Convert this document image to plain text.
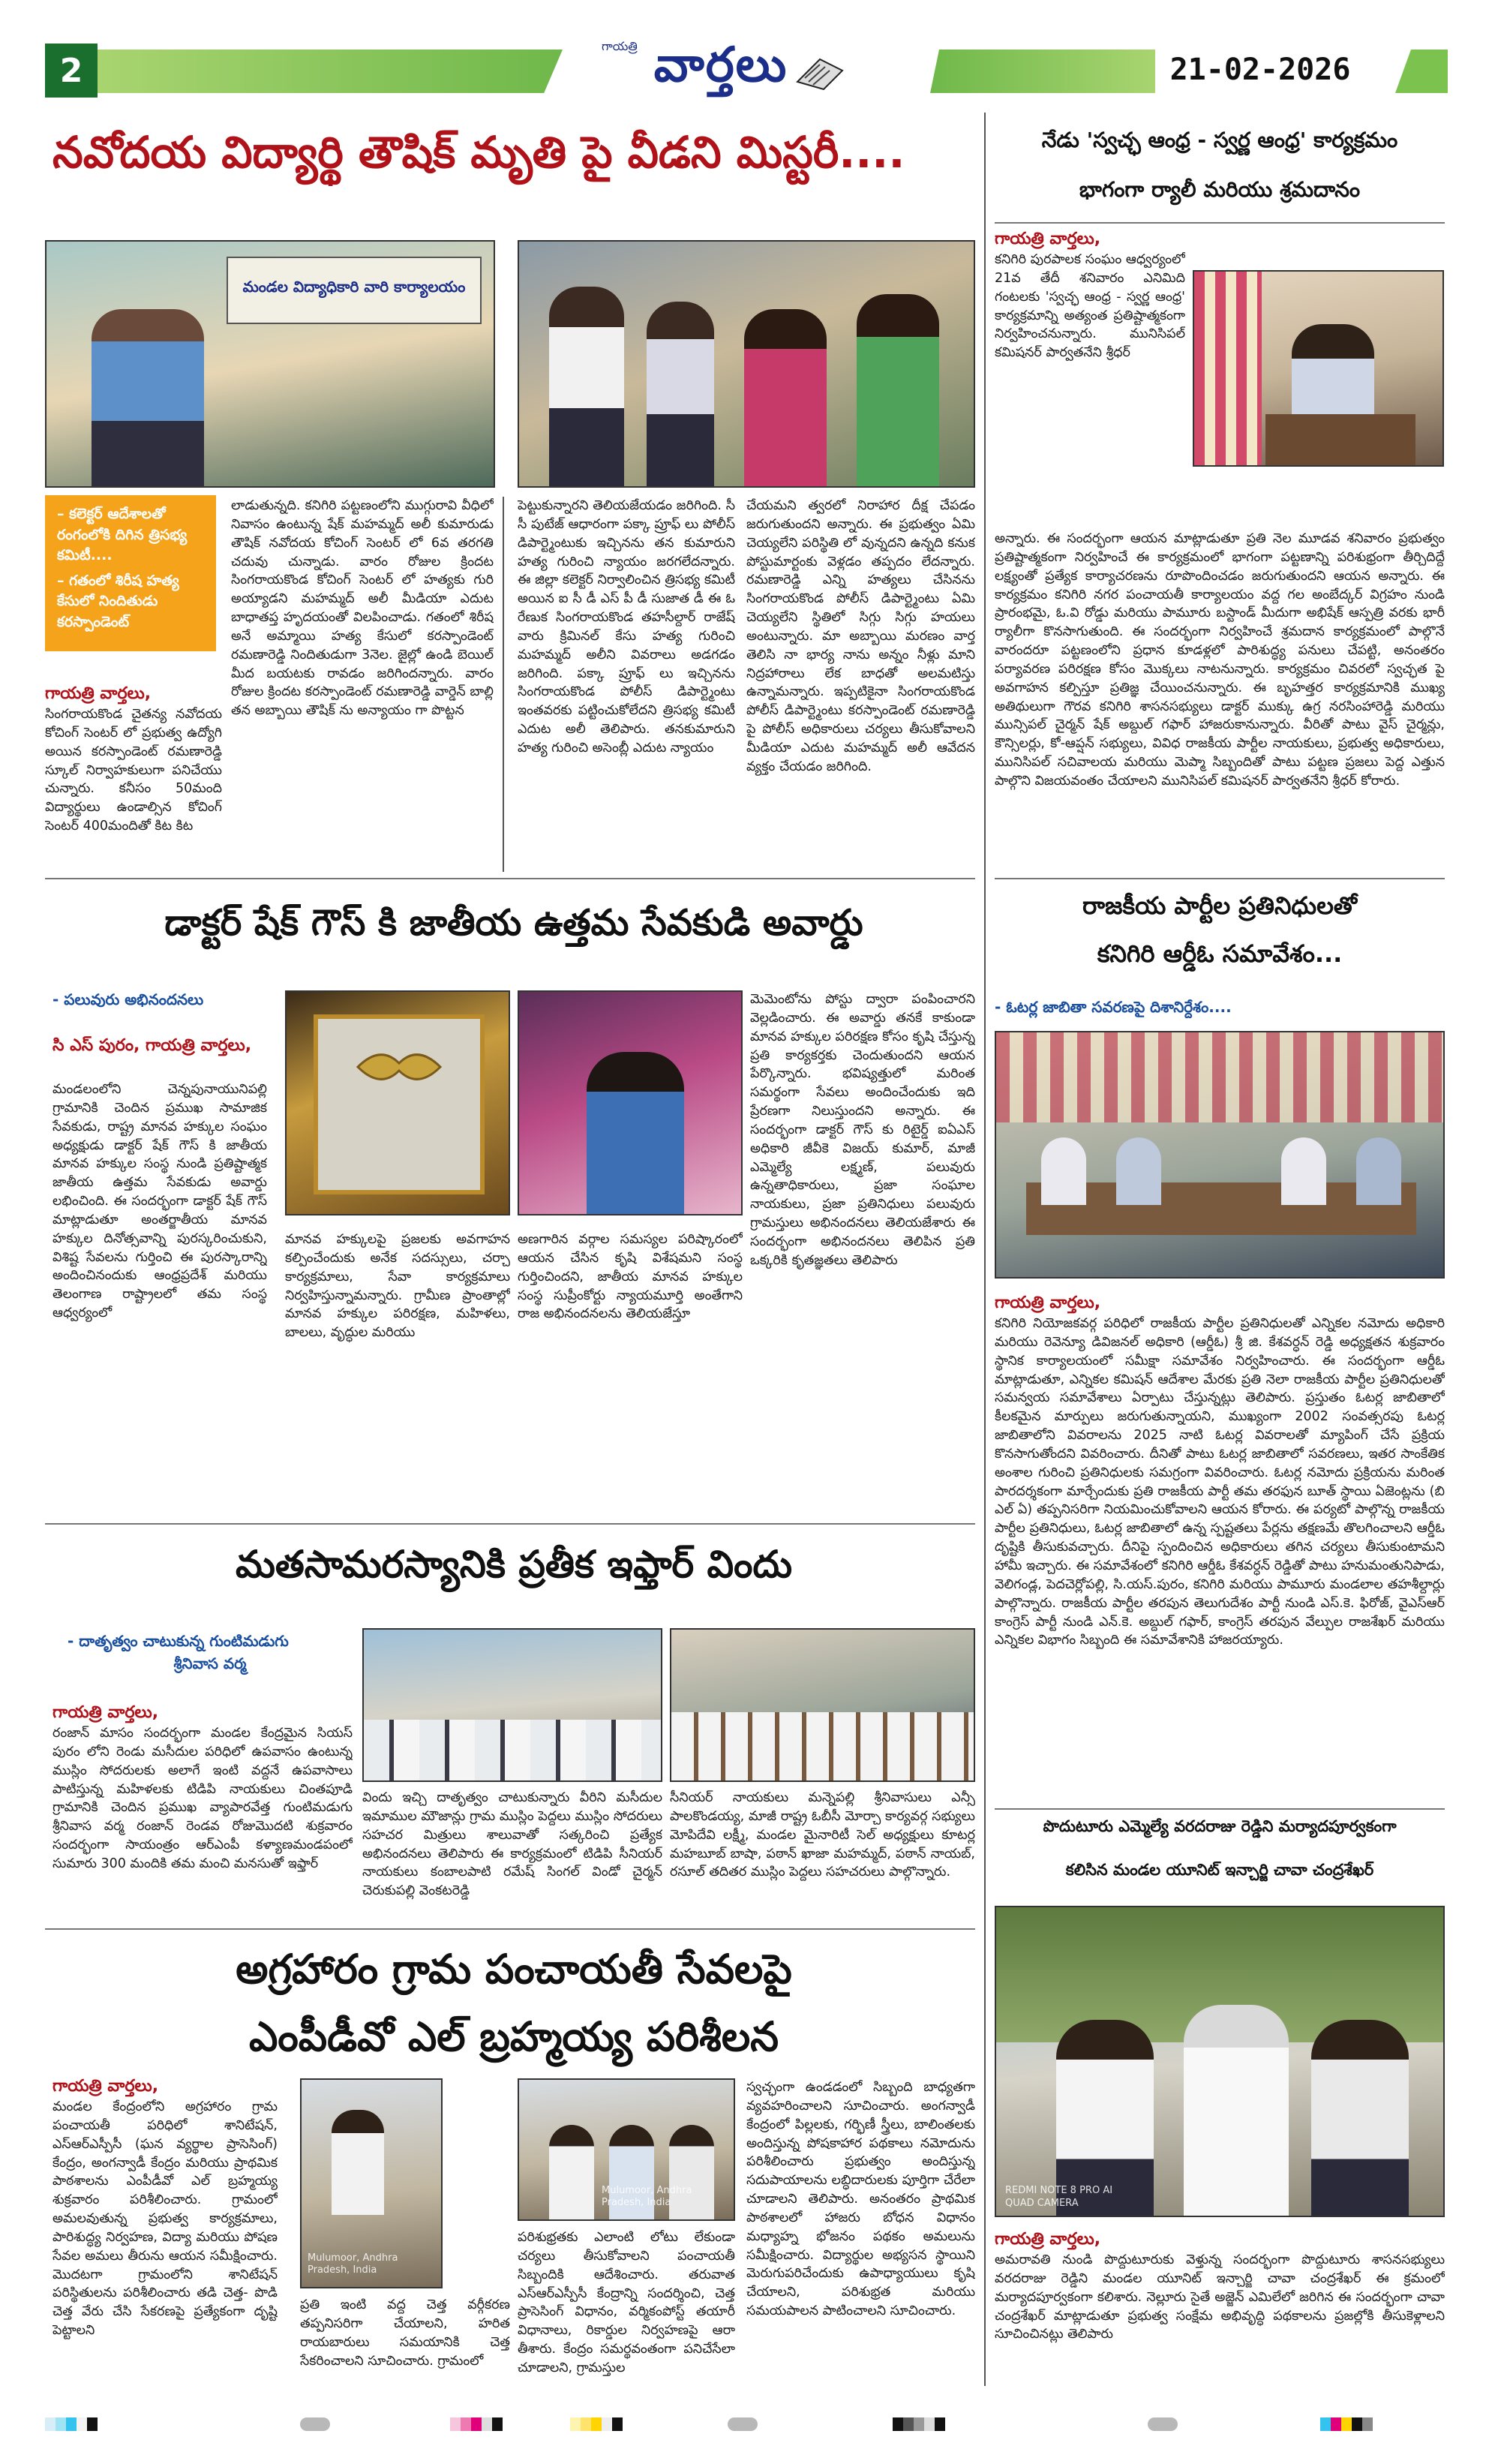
2
గాయత్రి వార్తలు	21-02-2026
నవోదయ విద్యార్థి తౌషిక్ మృతి పై వీడని మిస్టరీ....
మండల విద్యాధికారి వారి కార్యాలయం
– కలెక్టర్ ఆదేశాలతో రంగంలోకి దిగిన త్రిసభ్య కమిటీ....
– గతంలో శిరీష హత్య కేసులో నిందితుడు కరస్పాండెంట్
గాయత్రి వార్తలు,
సింగరాయకొండ చైతన్య నవోదయ కోచింగ్ సెంటర్ లో ప్రభుత్వ ఉద్యోగి అయిన కరస్పాండెంట్ రమణారెడ్డి స్కూల్ నిర్వాహకులుగా పనిచేయు చున్నారు. కనీసం 50మంది విద్యార్థులు ఉండాల్సిన కోచింగ్ సెంటర్ 400మందితో కిట కిట
లాడుతున్నది. కనిగిరి పట్టణంలోని ముగ్గురావి వీధిలో నివాసం ఉంటున్న షేక్ మహమ్మద్ అలీ కుమారుడు తౌషిక్ నవోదయ కోచింగ్ సెంటర్ లో 6వ తరగతి చదువు చున్నాడు. వారం రోజుల క్రిందట సింగరాయకొండ కోచింగ్ సెంటర్ లో హత్యకు గురి అయ్యాడని మహమ్మద్ అలీ మీడియా ఎదుట బాధాతప్త హృదయంతో విలపించాడు. గతంలో శిరీష అనే అమ్మాయి హత్య కేసులో కరస్పాండెంట్ రమణారెడ్డి నిందితుడుగా 3నెల. జైల్లో ఉండి బెయిల్ మీద బయటకు రావడం జరిగిందన్నారు. వారం రోజుల క్రిందట కరస్పాండెంట్ రమణారెడ్డి వార్డెన్ బాల్లి తన అబ్బాయి తౌషిక్ ను అన్యాయం గా పొట్టన
పెట్టుకున్నారని తెలియజేయడం జరిగింది. సీ సీ పుటేజ్ ఆధారంగా పక్కా ప్రూఫ్ లు పోలీస్ డిపార్ట్మెంటుకు ఇచ్చినను తన కుమారుని హత్య గురించి న్యాయం జరగలేదన్నారు. ఈ జిల్లా కలెక్టర్ నిర్వాలించిన త్రిసభ్య కమిటీ అయిన ఐ సీ డీ ఎస్ పీ డీ సుజాత డీ ఈ ఓ రేణుక సింగరాయకొండ తహసీల్దార్ రాజేష్ వారు క్రిమినల్ కేసు హత్య గురించి మహమ్మద్ అలీని వివరాలు అడగడం జరిగింది. పక్కా ప్రూఫ్ లు ఇచ్చినను సింగరాయకొండ పోలీస్ డిపార్ట్మెంటు ఇంతవరకు పట్టించుకోలేదని త్రిసభ్య కమిటీ ఎదుట అలీ తెలిపారు. తనకుమారుని హత్య గురించి అసెంబ్లీ ఎదుట న్యాయం
చేయమని త్వరలో నిరాహార దీక్ష చేపడం జరుగుతుందని అన్నారు. ఈ ప్రభుత్వం ఏమి చెయ్యలేని పరిస్థితి లో వున్నదని ఉన్నది కనుక పోస్టుమార్టంకు వెళ్లడం తప్పదం లేదన్నారు. రమణారెడ్డి ఎన్ని హత్యలు చేసినను సింగరాయకొండ పోలీస్ డిపార్ట్మెంటు ఏమి చెయ్యలేని స్థితిలో సిగ్గు సిగ్గు హయలు అంటున్నారు. మా అబ్బాయి మరణం వార్త తెలిసి నా భార్య నాను అన్నం నీళ్లు మాని నిద్రహారాలు లేక బాధతో అలమటిస్తు ఉన్నామన్నారు. ఇప్పటికైనా సింగరాయకొండ పోలీస్ డిపార్ట్మెంటు కరస్పాండెంట్ రమణారెడ్డి పై పోలీస్ అధికారులు చర్యలు తీసుకోవాలని మీడియా ఎదుట మహమ్మద్ అలీ ఆవేదన వ్యక్తం చేయడం జరిగింది.
నేడు 'స్వచ్ఛ ఆంధ్ర - స్వర్ణ ఆంధ్ర' కార్యక్రమం
భాగంగా ర్యాలీ మరియు శ్రమదానం
గాయత్రి వార్తలు,
కనిగిరి పురపాలక సంఘం ఆధ్వర్యంలో 21వ తేదీ శనివారం ఎనిమిది గంటలకు 'స్వచ్ఛ ఆంధ్ర - స్వర్ణ ఆంధ్ర' కార్యక్రమాన్ని అత్యంత ప్రతిష్టాత్మకంగా నిర్వహించనున్నారు. మునిసిపల్ కమిషనర్ పార్వతనేని శ్రీధర్
అన్నారు. ఈ సందర్భంగా ఆయన మాట్లాడుతూ ప్రతి నెల మూడవ శనివారం ప్రభుత్వం ప్రతిష్టాత్మకంగా నిర్వహించే ఈ కార్యక్రమంలో భాగంగా పట్టణాన్ని పరిశుభ్రంగా తీర్చిదిద్దే లక్ష్యంతో ప్రత్యేక కార్యాచరణను రూపొందించడం జరుగుతుందని ఆయన అన్నారు. ఈ కార్యక్రమం కనిగిరి నగర పంచాయతీ కార్యాలయం వద్ద గల అంబేద్కర్ విగ్రహం నుండి ప్రారంభమై, ఓ.వి రోడ్డు మరియు పామూరు బస్టాండ్ మీదుగా అభిషేక్ ఆస్పత్రి వరకు భారీ ర్యాలీగా కొనసాగుతుంది. ఈ సందర్భంగా నిర్వహించే శ్రమదాన కార్యక్రమంలో పాల్గొనే వారందరూ పట్టణంలోని ప్రధాన కూడళ్లలో పారిశుద్ధ్య పనులు చేపట్టి, అనంతరం పర్యావరణ పరిరక్షణ కోసం మొక్కలు నాటనున్నారు. కార్యక్రమం చివరలో స్వచ్ఛత పై అవగాహన కల్పిస్తూ ప్రతిజ్ఞ చేయించనున్నారు. ఈ బృహత్తర కార్యక్రమానికి ముఖ్య అతిథులుగా గౌరవ కనిగిరి శాసనసభ్యులు డాక్టర్ ముక్కు ఉగ్ర నరసింహారెడ్డి మరియు మున్సిపల్ చైర్మన్ షేక్ అబ్దుల్ గఫార్ హాజరుకానున్నారు. వీరితో పాటు వైస్ చైర్మన్లు, కౌన్సిలర్లు, కో-ఆప్షన్ సభ్యులు, వివిధ రాజకీయ పార్టీల నాయకులు, ప్రభుత్వ అధికారులు, మునిసిపల్ సచివాలయ మరియు మెప్మా సిబ్బందితో పాటు పట్టణ ప్రజలు పెద్ద ఎత్తున పాల్గొని విజయవంతం చేయాలని మునిసిపల్ కమిషనర్ పార్వతనేని శ్రీధర్ కోరారు.
డాక్టర్ షేక్ గౌస్ కి జాతీయ ఉత్తమ సేవకుడి అవార్డు
- పలువురు అభినందనలు
సి ఎస్ పురం, గాయత్రి వార్తలు,
మండలంలోని చెన్నపునాయునిపల్లి గ్రామానికి చెందిన ప్రముఖ సామాజిక సేవకుడు, రాష్ట్ర మానవ హక్కుల సంఘం అధ్యక్షుడు డాక్టర్ షేక్ గౌస్ కి జాతీయ మానవ హక్కుల సంస్థ నుండి ప్రతిష్టాత్మక జాతీయ ఉత్తమ సేవకుడు అవార్డు లభించింది. ఈ సందర్భంగా డాక్టర్ షేక్ గౌస్ మాట్లాడుతూ అంతర్జాతీయ మానవ హక్కుల దినోత్సవాన్ని పురస్కరించుకుని, విశిష్ట సేవలను గుర్తించి ఈ పురస్కారాన్ని అందించినందుకు ఆంధ్రప్రదేశ్ మరియు తెలంగాణ రాష్ట్రాలలో తమ సంస్థ ఆధ్వర్యంలో
మానవ హక్కులపై ప్రజలకు అవగాహన కల్పించేందుకు అనేక సదస్సులు, చర్చా కార్యక్రమాలు, సేవా కార్యక్రమాలు నిర్వహిస్తున్నామన్నారు. గ్రామీణ ప్రాంతాల్లో మానవ హక్కుల పరిరక్షణ, మహిళలు, బాలలు, వృద్ధుల మరియు
అణగారిన వర్గాల సమస్యల పరిష్కారంలో ఆయన చేసిన కృషి విశేషమని సంస్థ గుర్తించిందని, జాతీయ మానవ హక్కుల సంస్థ సుప్రీంకోర్టు న్యాయమూర్తి అంతేగాని రాజ అభినందనలను తెలియజేస్తూ
మెమెంటోను పోస్టు ద్వారా పంపించారని వెల్లడించారు. ఈ అవార్డు తనకే కాకుండా మానవ హక్కుల పరిరక్షణ కోసం కృషి చేస్తున్న ప్రతి కార్యకర్తకు చెందుతుందని ఆయన పేర్కొన్నారు. భవిష్యత్తులో మరింత సమర్థంగా సేవలు అందించేందుకు ఇది ప్రేరణగా నిలుస్తుందని అన్నారు. ఈ సందర్భంగా డాక్టర్ గౌస్ కు రిటైర్డ్ ఐఏఎస్ అధికారి జీవీకె విజయ్ కుమార్, మాజీ ఎమ్మెల్యే లక్ష్మణ్, పలువురు ఉన్నతాధికారులు, ప్రజా సంఘాల నాయకులు, ప్రజా ప్రతినిధులు పలువురు గ్రామస్తులు అభినందనలు తెలియజేశారు ఈ సందర్భంగా అభినందనలు తెలిపిన ప్రతి ఒక్కరికి కృతజ్ఞతలు తెలిపారు
రాజకీయ పార్టీల ప్రతినిధులతో
కనిగిరి ఆర్డీఓ సమావేశం...
- ఓటర్ల జాబితా సవరణపై దిశానిర్దేశం....
గాయత్రి వార్తలు,
కనిగిరి నియోజకవర్గ పరిధిలో రాజకీయ పార్టీల ప్రతినిధులతో ఎన్నికల నమోదు అధికారి మరియు రెవెన్యూ డివిజనల్ అధికారి (ఆర్డీఓ) శ్రీ జి. కేశవర్ధన్ రెడ్డి అధ్యక్షతన శుక్రవారం స్థానిక కార్యాలయంలో సమీక్షా సమావేశం నిర్వహించారు. ఈ సందర్భంగా ఆర్డీఓ మాట్లాడుతూ, ఎన్నికల కమిషన్ ఆదేశాల మేరకు ప్రతి నెలా రాజకీయ పార్టీల ప్రతినిధులతో సమన్వయ సమావేశాలు ఏర్పాటు చేస్తున్నట్లు తెలిపారు. ప్రస్తుతం ఓటర్ల జాబితాలో కీలకమైన మార్పులు జరుగుతున్నాయని, ముఖ్యంగా 2002 సంవత్సరపు ఓటర్ల జాబితాలోని వివరాలను 2025 నాటి ఓటర్ల వివరాలతో మ్యాపింగ్ చేసే ప్రక్రియ కొనసాగుతోందని వివరించారు. దీనితో పాటు ఓటర్ల జాబితాలో సవరణలు, ఇతర సాంకేతిక అంశాల గురించి ప్రతినిధులకు సమగ్రంగా వివరించారు. ఓటర్ల నమోదు ప్రక్రియను మరింత పారదర్శకంగా మార్చేందుకు ప్రతి రాజకీయ పార్టీ తమ తరఫున బూత్ స్థాయి ఏజెంట్లను (బి ఎల్ ఏ) తప్పనిసరిగా నియమించుకోవాలని ఆయన కోరారు. ఈ పర్యటో పాల్గొన్న రాజకీయ పార్టీల ప్రతినిధులు, ఓటర్ల జాబితాలో ఉన్న స్పష్టతలు పేర్లను తక్షణమే తొలగించాలని ఆర్డీఓ దృష్టికి తీసుకువచ్చారు. దీనిపై స్పందించిన అధికారులు తగిన చర్యలు తీసుకుంటామని హామీ ఇచ్చారు. ఈ సమావేశంలో కనిగిరి ఆర్డీఓ కేశవర్ధన్ రెడ్డితో పాటు హనుమంతునిపాడు, వెలిగండ్ల, పెదచెర్లోపల్లి, సి.యస్.పురం, కనిగిరి మరియు పామూరు మండలాల తహశీల్దార్లు పాల్గొన్నారు. రాజకీయ పార్టీల తరపున తెలుగుదేశం పార్టీ నుండి ఎస్.కె. ఫిరోజ్, వైఎస్ఆర్ కాంగ్రెస్ పార్టీ నుండి ఎన్.కె. అబ్దుల్ గఫార్, కాంగ్రెస్ తరపున వేల్పుల రాజశేఖర్ మరియు ఎన్నికల విభాగం సిబ్బంది ఈ సమావేశానికి హాజరయ్యారు.
మతసామరస్యానికి ప్రతీక ఇఫ్తార్ విందు
- దాతృత్వం చాటుకున్న గుంటిమడుగు
శ్రీనివాస వర్మ
గాయత్రి వార్తలు,
రంజాన్ మాసం సందర్భంగా మండల కేంద్రమైన సియస్ పురం లోని రెండు మసీదుల పరిధిలో ఉపవాసం ఉంటున్న ముస్లిం సోదరులకు అలాగే ఇంటి వద్దనే ఉపవాసాలు పాటిస్తున్న మహిళలకు టిడిపి నాయకులు చింతపూడి గ్రామానికి చెందిన ప్రముఖ వ్యాపారవేత్త గుంటిమడుగు శ్రీనివాస వర్మ రంజాన్ రెండవ రోజుమొదటి శుక్రవారం సందర్భంగా సాయంత్రం ఆర్ఎంపీ కళ్యాణమండపంలో సుమారు 300 మందికి తమ మంచి మనసుతో ఇఫ్తార్
విందు ఇచ్చి దాతృత్వం చాటుకున్నారు వీరిని మసీదుల ఇమాముల మౌజాన్లు గ్రామ ముస్లిం పెద్దలు ముస్లిం సోదరులు సహచర మిత్రులు శాలువాతో సత్కరించి ప్రత్యేక అభినందనలు తెలిపారు ఈ కార్యక్రమంలో టిడిపి సీనియర్ నాయకులు కంబాలపాటి రమేష్ సింగల్ విండో చైర్మన్ చెరుకుపల్లి వెంకటరెడ్డి
సీనియర్ నాయకులు మన్నెపల్లి శ్రీనివాసులు ఎన్సీ పాలకొండయ్య, మాజీ రాష్ట్ర ఓబీసీ మోర్చా కార్యవర్గ సభ్యులు మోపిదేవి లక్ష్మీ, మండల మైనారిటీ సెల్ అధ్యక్షులు కూటర్ల మహబూబ్ బాషా, పఠాన్ ఖాజా మహమ్మద్, పఠాన్ నాయబ్, రసూల్ తదితర ముస్లిం పెద్దలు సహచరులు పాల్గొన్నారు.
పొదుటూరు ఎమ్మెల్యే వరదరాజు రెడ్డిని మర్యాదపూర్వకంగా
కలిసిన మండల యూనిట్ ఇన్చార్జి చావా చంద్రశేఖర్
REDMI NOTE 8 PRO AI QUAD CAMERA
గాయత్రి వార్తలు,
అమరావతి నుండి పొద్దుటూరుకు వెళ్తున్న సందర్భంగా పొద్దుటూరు శాసనసభ్యులు వరదరాజు రెడ్డిని మండల యూనిట్ ఇన్చార్జి చావా చంద్రశేఖర్ ఈ క్రమంలో మర్యాదపూర్వకంగా కలిశారు. నెల్లూరు సైతే అజ్జెన్ ఎమిలేలో జరిగిన ఈ సందర్భంగా చావా చంద్రశేఖర్ మాట్లాడుతూ ప్రభుత్వ సంక్షేమ అభివృద్ధి పథకాలను ప్రజల్లోకి తీసుకెళ్లాలని సూచించినట్లు తెలిపారు
అగ్రహారం గ్రామ పంచాయతీ సేవలపై
ఎంపీడీవో ఎల్ బ్రహ్మయ్య పరిశీలన
గాయత్రి వార్తలు,
మండల కేంద్రంలోని అగ్రహారం గ్రామ పంచాయతీ పరిధిలో శానిటేషన్, ఎస్ఆర్ఎస్పీసీ (ఘన వ్యర్థాల ప్రాసెసింగ్) కేంద్రం, అంగన్వాడీ కేంద్రం మరియు ప్రాథమిక పాఠశాలను ఎంపీడీవో ఎల్ బ్రహ్మయ్య శుక్రవారం పరిశీలించారు. గ్రామంలో అమలవుతున్న ప్రభుత్వ కార్యక్రమాలు, పారిశుద్ధ్య నిర్వహణ, విద్యా మరియు పోషణ సేవల అమలు తీరును ఆయన సమీక్షించారు. మొదటగా గ్రామంలోని శానిటేషన్ పరిస్థితులను పరిశీలించారు తడి చెత్త- పొడి చెత్త వేరు చేసి సేకరణపై ప్రత్యేకంగా దృష్టి పెట్టాలని
Mulumoor, Andhra Pradesh, India
ప్రతి ఇంటి వద్ద చెత్త వర్గీకరణ తప్పనిసరిగా చేయాలని, హరిత రాయబారులు సమయానికి చెత్త సేకరించాలని సూచించారు. గ్రామంలో
Mulumoor, Andhra Pradesh, India
పరిశుభ్రతకు ఎలాంటి లోటు లేకుండా చర్యలు తీసుకోవాలని పంచాయతీ సిబ్బందికి ఆదేశించారు. తరువాత ఎస్ఆర్ఎస్పీసీ కేంద్రాన్ని సందర్శించి, చెత్త ప్రాసెసింగ్ విధానం, వర్మికంపోస్ట్ తయారీ విధానాలు, రికార్డుల నిర్వహణపై ఆరా తీశారు. కేంద్రం సమర్థవంతంగా పనిచేసేలా చూడాలని, గ్రామస్తుల
స్వచ్ఛంగా ఉండడంలో సిబ్బంది బాధ్యతగా వ్యవహరించాలని సూచించారు. అంగన్వాడీ కేంద్రంలో పిల్లలకు, గర్భిణీ స్త్రీలు, బాలింతలకు అందిస్తున్న పోషకాహార పథకాలు నమోదును పరిశీలించారు ప్రభుత్వం అందిస్తున్న సదుపాయాలను లబ్ధిదారులకు పూర్తిగా చేరేలా చూడాలని తెలిపారు. అనంతరం ప్రాథమిక పాఠశాలలో హాజరు బోధన విధానం మధ్యాహ్న భోజనం పథకం అమలును సమీక్షించారు. విద్యార్థుల అభ్యసన స్థాయిని మెరుగుపరిచేందుకు ఉపాధ్యాయులు కృషి చేయాలని, పరిశుభ్రత మరియు సమయపాలన పాటించాలని సూచించారు.
